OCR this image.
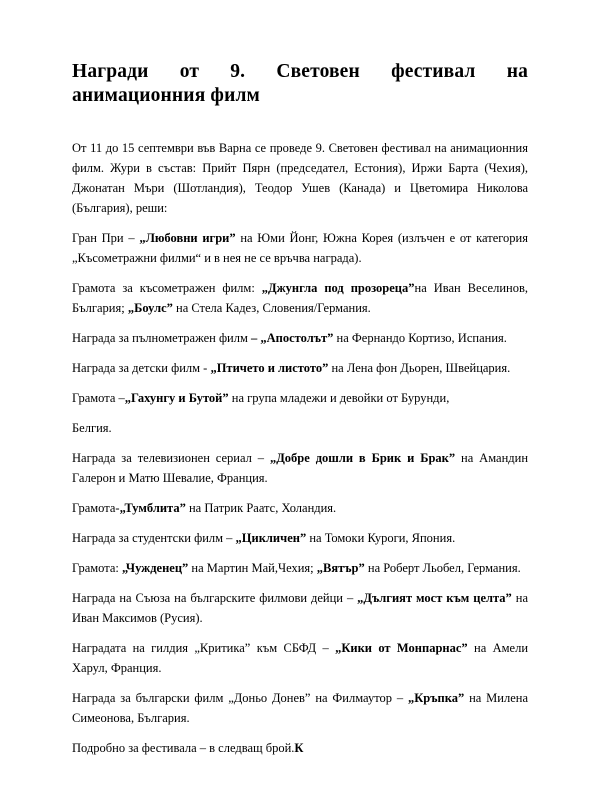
Награди от 9. Световен фестивал на анимационния филм

От 11 до 15 септември във Варна се проведе 9. Световен фестивал на анимационния филм. Жури в състав: Прийт Пярн (председател, Естония), Иржи Барта (Чехия), Джонатан Мъри (Шотландия), Теодор Ушев (Канада) и Цветомира Николова (България), реши:

Гран При – „Любовни игри” на Юми Йонг, Южна Корея (излъчен е от категория „Късометражни филми“ и в нея не се връчва награда).

Грамота за късометражен филм: „Джунгла под прозореца”на Иван Веселинов, България; „Боулс” на Стела Кадез, Словения/Германия.

Награда за пълнометражен филм – „Апостолът” на Фернандо Кортизо, Испания.

Награда за детски филм - „Птичето и листото” на Лена фон Дьорен, Швейцария.

Грамота –„Гахунгу и Бутой” на група младежи и девойки от Бурунди,

Белгия.

Награда за телевизионен сериал – „Добре дошли в Брик и Брак” на Амандин Галерон и Матю Шевалие, Франция.

Грамота-„Тумблита” на Патрик Раатс, Холандия.

Награда за студентски филм – „Цикличен” на Томоки Куроги, Япония.

Грамота: „Чужденец” на Мартин Май,Чехия; „Вятър” на Роберт Льобел, Германия.

Награда на Съюза на българските филмови дейци – „Дългият мост към целта” на Иван Максимов (Русия).

Наградата на гилдия „Критика” към СБФД – „Кики от Монпарнас” на Амели Харул, Франция.

Награда за български филм „Доньо Донев” на Филмаутор – „Кръпка” на Милена Симеонова, България.

Подробно за фестивала – в следващ брой.К
